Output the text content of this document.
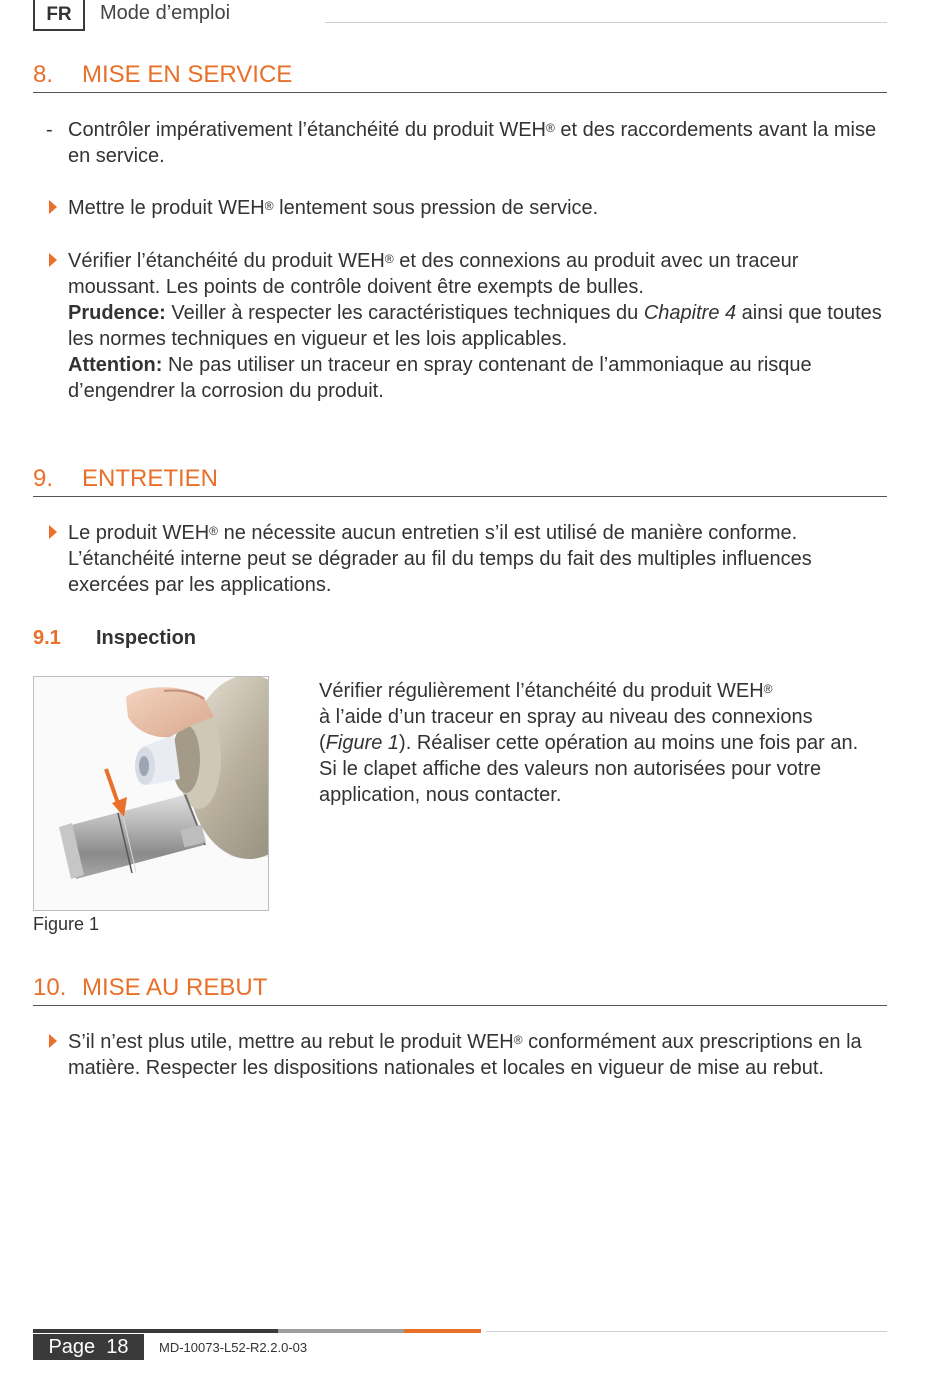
FR Mode d’emploi
8. MISE EN SERVICE
- Contrôler impérativement l’étanchéité du produit WEH® et des raccordements avant la mise en service.
Mettre le produit WEH® lentement sous pression de service.
Vérifier l’étanchéité du produit WEH® et des connexions au produit avec un traceur moussant. Les points de contrôle doivent être exempts de bulles.
Prudence: Veiller à respecter les caractéristiques techniques du Chapitre 4 ainsi que toutes les normes techniques en vigueur et les lois applicables.
Attention: Ne pas utiliser un traceur en spray contenant de l’ammoniaque au risque d’engendrer la corrosion du produit.
9. ENTRETIEN
Le produit WEH® ne nécessite aucun entretien s’il est utilisé de manière conforme. L’étanchéité interne peut se dégrader au fil du temps du fait des multiples influences exercées par les applications.
9.1 Inspection
Figure 1
Vérifier régulièrement l’étanchéité du produit WEH®
à l’aide d’un traceur en spray au niveau des connexions (Figure 1). Réaliser cette opération au moins une fois par an.
Si le clapet affiche des valeurs non autorisées pour votre application, nous contacter.
10. MISE AU REBUT
S’il n’est plus utile, mettre au rebut le produit WEH® conformément aux prescriptions en la matière. Respecter les dispositions nationales et locales en vigueur de mise au rebut.
Page  18 MD-10073-L52-R2.2.0-03
